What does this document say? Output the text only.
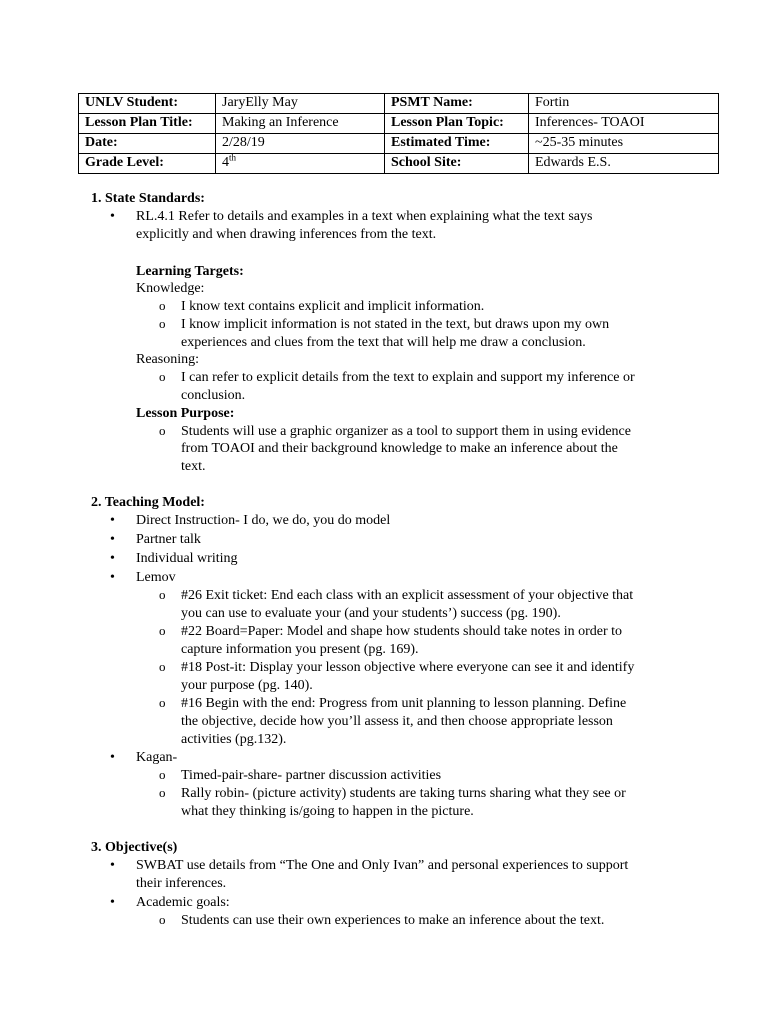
UNLV Student:	JaryElly May	PSMT Name:	Fortin
Lesson Plan Title:	Making an Inference	Lesson Plan Topic:	Inferences- TOAOI
Date:	2/28/19	Estimated Time:	~25-35 minutes
Grade Level:	4th	School Site:	Edwards E.S.
1. State Standards:
• RL.4.1 Refer to details and examples in a text when explaining what the text says
explicitly and when drawing inferences from the text.
Learning Targets:
Knowledge:
o I know text contains explicit and implicit information.
o I know implicit information is not stated in the text, but draws upon my own
experiences and clues from the text that will help me draw a conclusion.
Reasoning:
o I can refer to explicit details from the text to explain and support my inference or
conclusion.
Lesson Purpose:
o Students will use a graphic organizer as a tool to support them in using evidence
from TOAOI and their background knowledge to make an inference about the
text.
2. Teaching Model:
• Direct Instruction- I do, we do, you do model
• Partner talk
• Individual writing
• Lemov
o #26 Exit ticket: End each class with an explicit assessment of your objective that
you can use to evaluate your (and your students’) success (pg. 190).
o #22 Board=Paper: Model and shape how students should take notes in order to
capture information you present (pg. 169).
o #18 Post-it: Display your lesson objective where everyone can see it and identify
your purpose (pg. 140).
o #16 Begin with the end: Progress from unit planning to lesson planning. Define
the objective, decide how you’ll assess it, and then choose appropriate lesson
activities (pg.132).
• Kagan-
o Timed-pair-share- partner discussion activities
o Rally robin- (picture activity) students are taking turns sharing what they see or
what they thinking is/going to happen in the picture.
3. Objective(s)
• SWBAT use details from “The One and Only Ivan” and personal experiences to support
their inferences.
• Academic goals:
o Students can use their own experiences to make an inference about the text.
